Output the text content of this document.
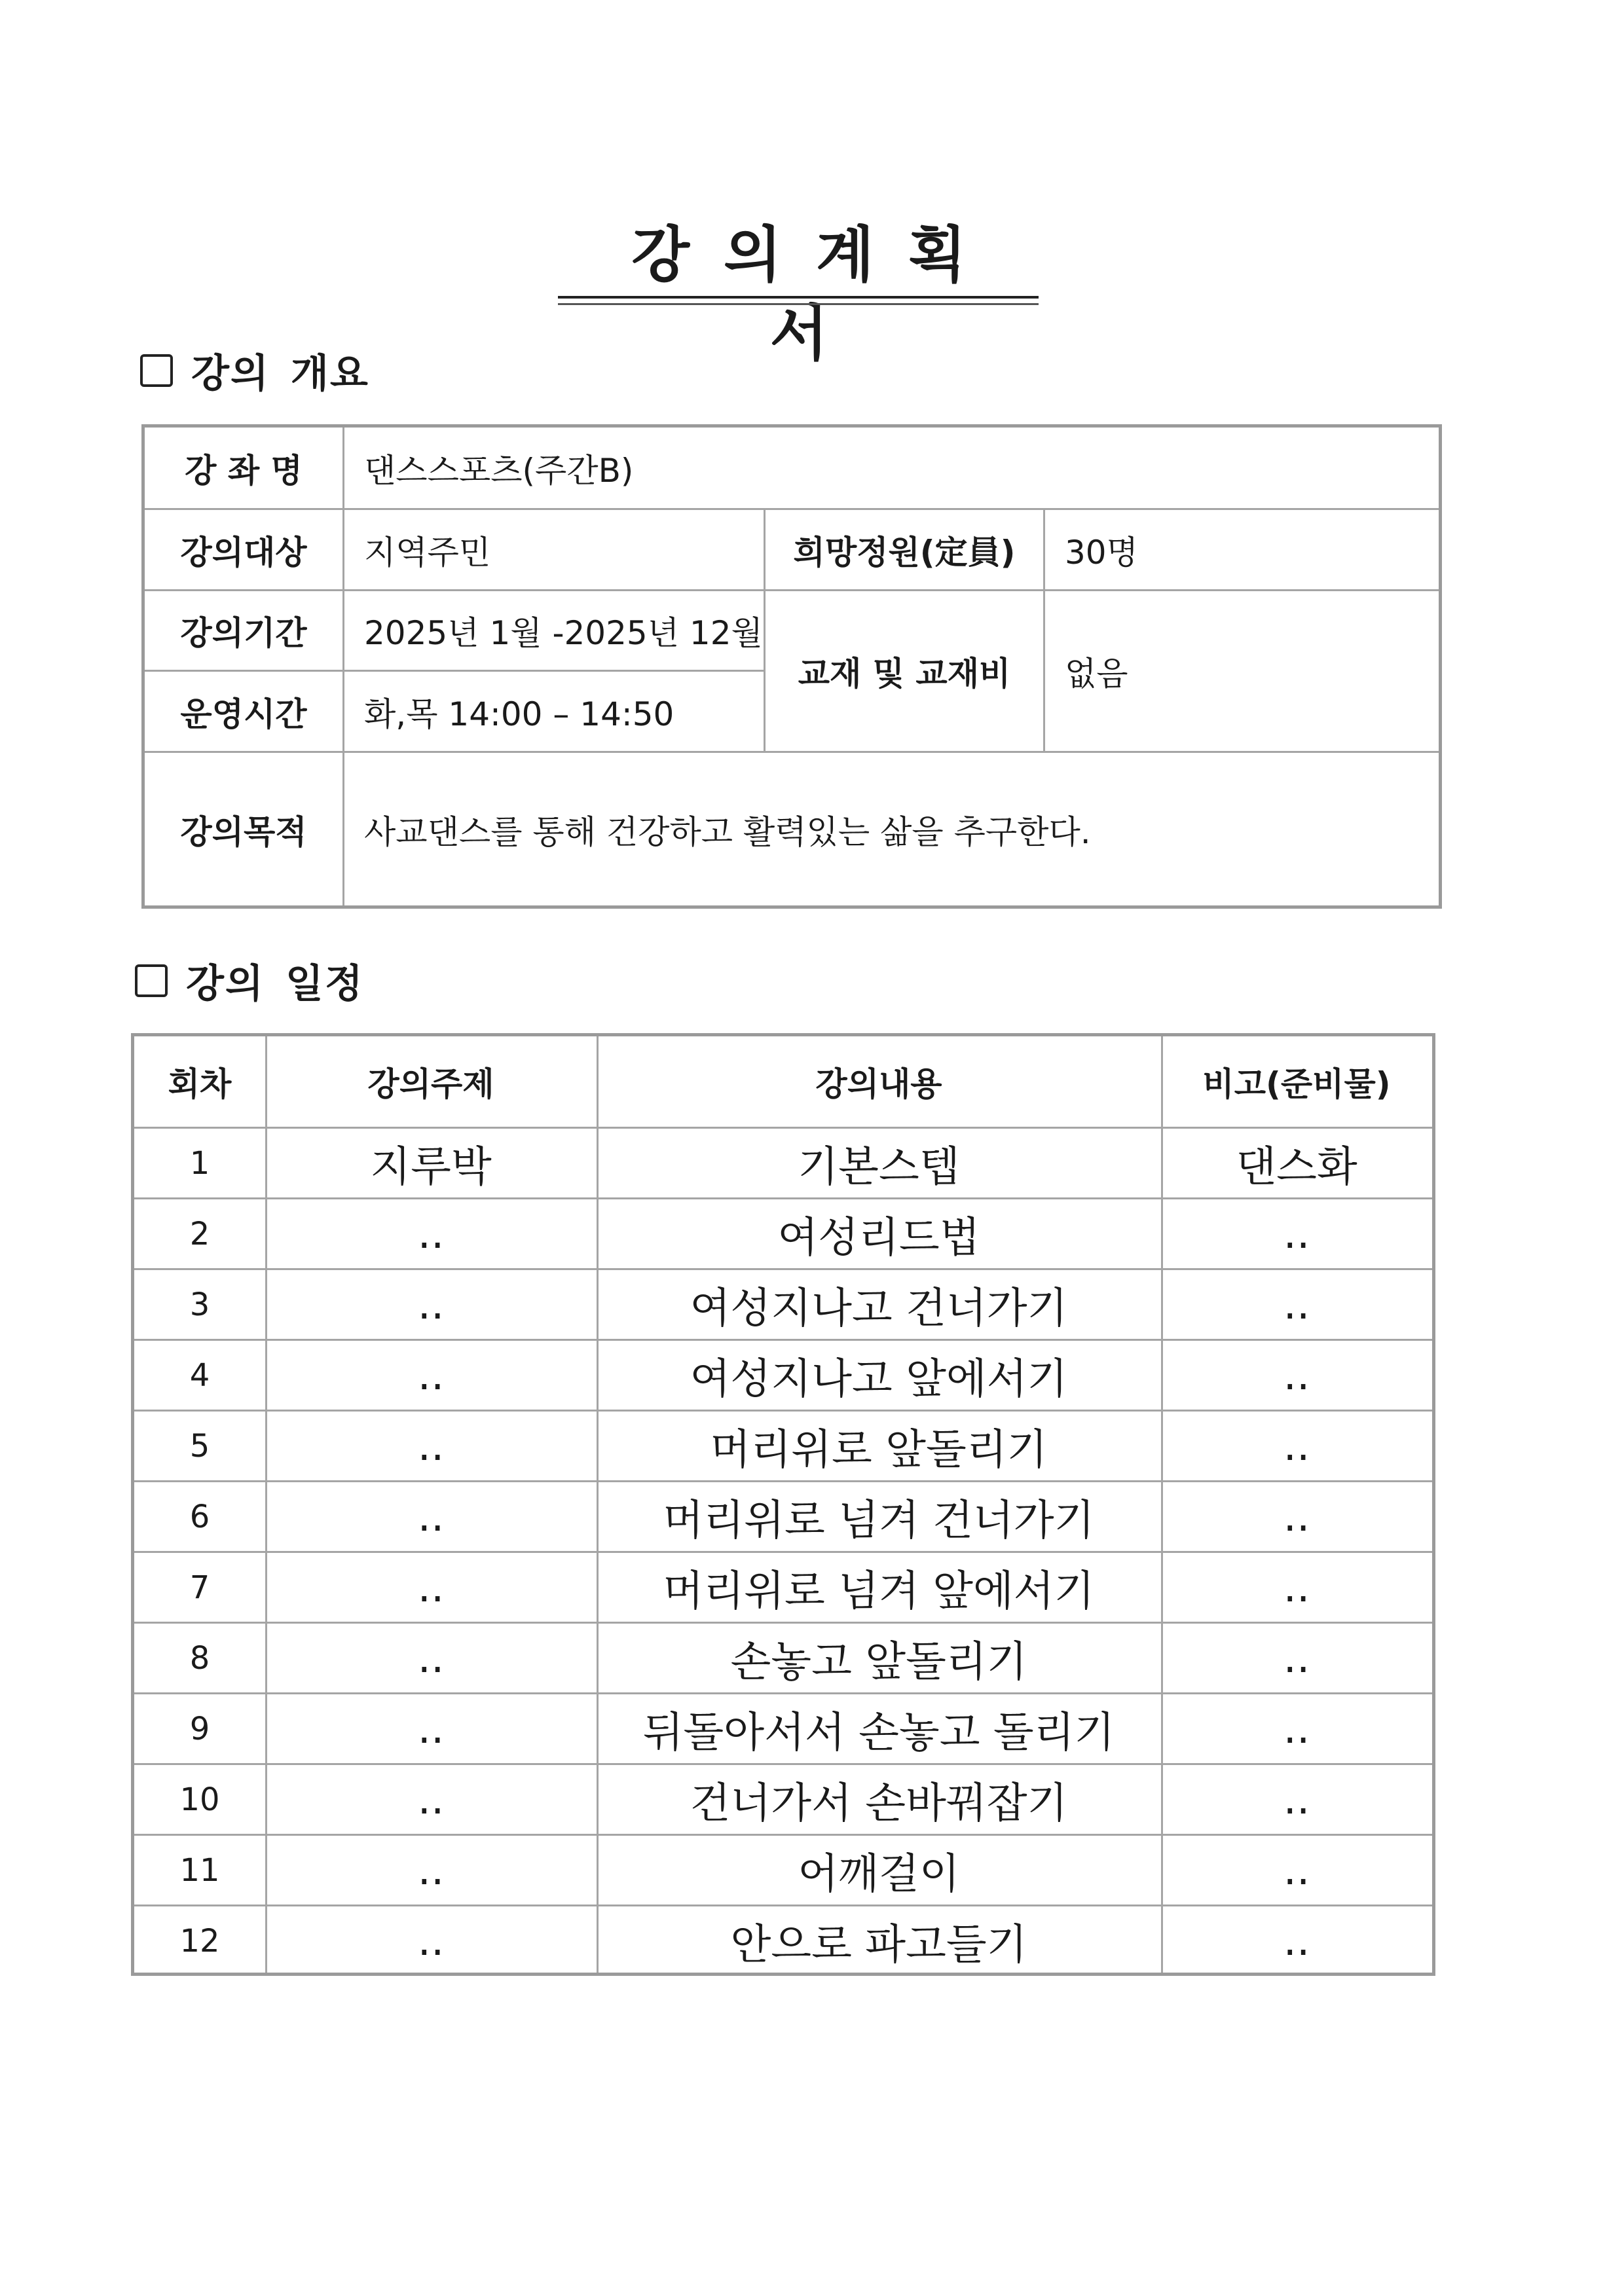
강의계획서
강의 개요
강 좌 명	댄스스포츠(주간B)
강의대상	지역주민	희망정원(定員)	30명
강의기간	2025년 1월 -2025년 12월
교재 및 교재비	없음
운영시간	화,목 14:00 – 14:50
강의목적	사교댄스를 통해 건강하고 활력있는 삶을 추구한다.
강의 일정
회차	강의주제	강의내용	비고(준비물)
1	지루박	기본스텝	댄스화
2	..	여성리드법	..
3	..	여성지나고 건너가기	..
4	..	여성지나고 앞에서기	..
5	..	머리위로 앞돌리기	..
6	..	머리위로 넘겨 건너가기	..
7	..	머리위로 넘겨 앞에서기	..
8	..	손놓고 앞돌리기	..
9	..	뒤돌아서서 손놓고 돌리기	..
10	..	건너가서 손바꿔잡기	..
11	..	어깨걸이	..
12	..	안으로 파고들기	..
